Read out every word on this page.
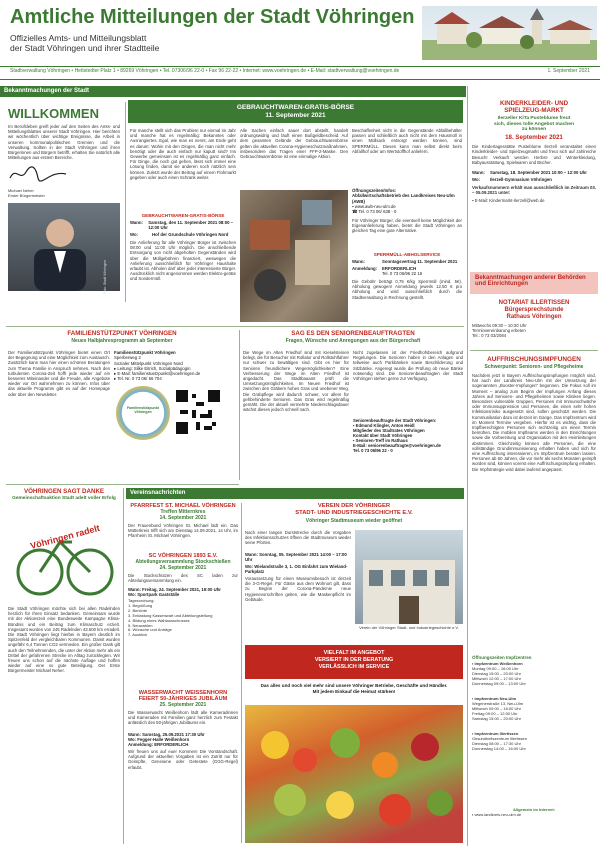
Amtliche Mitteilungen der Stadt Vöhringen
Offizielles Amts- und Mitteilungsblatt
der Stadt Vöhringen und ihrer Stadtteile
Stadtverwaltung Vöhringen • Hettstedter Platz 1 • 89269 Vöhringen • Tel. 07306/96 22-0 • Fax 96 22-22 • Internet: www.voehringen.de • E-Mail: stadtverwaltung@voehringen.de	1. September 2021
Bekanntmachungen der Stadt
WILLKOMMEN
Im Berufsleben greift jeder auf den Seiten des Amts- und Mitteilungsblattes unserer Stadt Vöhringen. Hier berichten wir wöchentlich über wichtige Ereignisse, die Arbeit in unseren kommunalpolitischen Gremien und die Verwaltung. Sollten in der Stadt Vöhringen und ihren Bürgerinnen und Bürgern betrifft, erhalten Sie natürlich alle Mitteilungen aus erstem Bereiche.
Michael Neher
Erster Bürgermeister
Foto: Stadt Vöhringen
GEBRAUCHTWAREN-GRATIS-BÖRSE
11. September 2021
Für manche stellt sich das Problem nur einmal im Jahr und manche hat es regelmäßig: Bekanntes oder Ausrangiertes. Egal, wie man es nennt, am Ende geht es darum: Wohin mit den Dingen, die man nicht mehr benötigt oder die auch einfach nur kaputt sind? Ins Gewerbe gemeinsam ist es regelmäßig ganz einfach. Für Dinge, die noch gut gehen, lässt sich immer eine Lösung finden, damit sie anderen noch nützlich sein können. Zuletzt wurde der Beitrag auf einem Flohmarkt gegeben oder auch einen Schrank weiter.
GEBRAUCHTWAREN-GRATIS-BÖRSE
Wann:	Samstag, den 11. September 2021 08:00 – 12:00 Uhr
Wo:	Hof der Grundschule Vöhringen Nord
Die Anlieferung für alle Vöhringer Bürger ist zwischen 08:00 und 11:00 Uhr möglich. Die anschließende Entsorgung von nicht abgeholten Gegenständen wird über die Müllgebühren finanziert, weswegen die Anlieferung ausschließlich für Vöhringer Haushalte erlaubt ist. Abholen darf aber jeder interessierte Bürger. Ausdrücklich nicht angenommen werden Elektro-geräte und Sondermüll.
Alle Sachen einfach sauer dort abstellt, handelt ordnungswidrig und läuft einen Bußgeldbescheid. Auf dem gesamten Gelände der Gebrauchtwarenbörse gelten die aktuellen Corona-Hygieneschutzmaßnahmen, insbesondere das Tragen einer FFP-2-Maske. Den Gebrauchtwarenbörse ist eine einmalige Aktion.
Beschaffenheit nicht in die Gegenstände Abfallbehälter passen und schließlich auch nicht mit dem Hausmüll in einen Müllsack entsorgt werden können, sind SPERRMÜLL. Diesen kann man selbst direkt beim Abfallhof oder am Wertstoffhof anliefern.
Öffnungszeiten/Infos:
Abfallwirtschaftsbetrieb des Landkreises Neu-Ulm (AWB)
▪ www.awb-neu-ulm.de
☎ Tel. 0 73 06/ 638 - 0
Für Vöhringer Bürger, die eventuell keine Möglichkeit der Eigenanlieferung haben, bietet die Stadt Vöhringen an gleichen Tag eine gute Alternative.
SPERRMÜLL-ABHOLSERVICE
Wann:	Sonntagsvertrag 11. September 2021
Anmeldung:	ERFORDERLICH
Tel. 0 73 06/96 22 16
Die Gebühr beträgt 0,75 €/kg Sperrmüll (mind. 5€). Abholung gewogen! Anmeldung jeweils 12,50 € pro Abholung und wird ausschließlich durch die Stadtverwaltung in Rechnung gestellt.
KINDERKLEIDER- UND
SPIELZEUG-MARKT
Ilerzeller KiTa Pusteblume freut
sich, dieses tolle Angebot machen
zu können
18. September 2021
Die Kindertagesstätte Pusteblume Ilerzell veranstaltet einen Kinderkleider- und Spielzeugmarkt und freut sich auf zahlreiche Besuch! Verkauft werden Herbst- und Winterkleidung, Babyausstattung, Spielwaren und Bücher.
Wann:	Samstag, 18. September 2021 10:00 – 12:00 Uhr
Wo:	Ilerzell-Gymnasium Vöhringen
Verkaufsnummern erhält man ausschließlich im Zeitraum 03. – 05.09.2021 unter:
▪ E-Mail: Kindermarkt-Ilerzell@web.de
Bekanntmachungen anderer Behörden und Einrichtungen
NOTARIAT ILLERTISSEN
Bürgersprechstunde
Rathaus Vöhringen
Mittwochs 09:30 – 10:30 Uhr
Terminvereinbarung erbeten
Tel.: 0 73 03/2084
AUFFRISCHUNGSIMPFUNGEN
Schwerpunkt: Senioren- und Pflegeheime
Nachdem jetzt in Bayern Auffrischungsimpfungen möglich sind, hat auch der Landkreis Neu-Ulm mit der Umsetzung der sogenannten „Booster-Impfungen“ begonnen. Die Fokus soll im Moment – analog zum Beginn der Impfungen Anfang dieses Jahres auf Senioren- und Pflegeheimen sowie Kliniken liegen. Besonders vulnerable Gruppen, Personen mit Immunschwäche oder Immunsuppression und Personen, die einen sehr hohen Infektionsrisiko ausgesetzt sind, sollen geschützt werden. Die Kommunikation dazu ist derzeit im Gange. Das Impfzentrum wird im Moment Termine vergeben. Hierfür ist es wichtig, dass die Impfberechtigten Personen sich rechtzeitig um einen Termin bemühen. Die mobilen Impfteams werden in den Einrichtungen sowie die Vorbereitung und Organisation mit den Heimleitungen abstimmen. Gleichzeitig können alle Personen, die eine vollständige Grundimmunisierung erhalten haben und sich für eine Auffrischung interessieren, im Impfzentrum beraten lassen. Personen ab 60 Jahren, die vor mehr als sechs Monaten geimpft worden sind, können vorerst eine Auffrischungsimpfung erhalten. Die Impfstrategie wird dabei laufend angepasst.
Öffnungszeiten Impfzentren
▪ Impfzentrum Weißenhorn
Montag 09:00 – 16:00 Uhr
Dienstag 15:00 – 20:00 Uhr
Mittwoch 12:00 – 17:00 Uhr
Donnerstag 09:00 – 13:00 Uhr
▪ Impfzentrum Neu-Ulm
Wegenerstraße 13, Neu-Ulm
Mittwoch 09:00 – 16:00 Uhr
Freitag 09:00 – 12:00 Uhr
Samstag 15:00 – 20:00 Uhr
▪ Impfzentrum Illertissen
Gesundheitszentrum Illertissen
Dienstag 08:00 – 17:30 Uhr
Donnerstag 14:00 – 16:00 Uhr
FAMILIENSTÜTZPUNKT VÖHRINGEN
Neues Halbjahresprogramm ab September
Der Familienstützpunkt Vöhringen bietet einen Ort der Begegnung und eine Möglichkeit zum Austausch. Zusätzlich kann man hier einen schönen Beratungen zum Thema Familie in Anspruch nehmen. Nach den turbulenten Corona-Zeit hofft jede wieder auf ein besseres Miteinander und die Freude, alle Angebote wieder vor Ort wahrnehmen zu können. Infos über das aktuelle Programm gibt es auf der Homepage oder über den Newsletter.
Familienstützpunkt Vöhringen
Sperberweg 2
Sozialer Mittelpunkt Vöhringen Nord
▸ Leitung: Silke Eitrich, Sozialpädagogin
▸ E-Mail: familienstuetzpunkt@voehringen.de
▸ Tel. Nr. 0 73 06/ 56 704
Familienstützpunkt Vöhringen
SAG ES DEN SENIORENBEAUFTRAGTEN
Fragen, Wünsche und Anregungen aus der Bürgerschaft
Die Wege im Alten Friedhof sind mit Kieselsteinen belegt, die für Besucher mit Rollator und Rollstuhlfahrer nur schwer zu bewältigen sind. Gibt es hier für Senioren freundlichere Wegemöglichkeiten? Eine Verbesserung der Wege im Alten Friedhof ist angedacht. Das Stadtbauamt prüft die Umsetzungsmöglichkeiten. Im Neuen Friedhof ist zwischen den Gräbern hohes Gras und unebener Weg. Die Grabpflege wird dadurch schwer, vor allem für gehbehinderte Senioren. Das Gras wird regelmäßig gemäht. Die der aktuell vermehrte Niederschlagsdauer wächst dieses jedoch schnell nach.
Nicht zugelassen ist der Friedhofsbereich aufgrund Regelungen. Die Senioren haben in den Anlagen und teilweise auch Parkbänken sowie Beschilderung und Sitzbänke. Angeregt wurde die Prüfung ob neue Bänke notwendig sind. Die Seniorenbeauftragten der Stadt Vöhringen stehen gerne zur Verfügung.
Seniorenbeauftragte der Stadt Vöhringen:
▪ Edmund Klingler, Anton Heidl
Mitglieder des Stadtrates Vöhringen
Kontakt über Stadt Vöhringen
▪ Senioren-Treff im Rathaus
E-Mail: seniorenbeauftragte@voehringen.de
Tel. 0 73 06/96 22 - 0
VÖHRINGEN SAGT DANKE
Gemeinschaftsaktion Stadt adelt voller Erfolg
Vöhringen radelt
Die Stadt Vöhringen möchte sich bei allen Radelnden herzlich für Ihren Einsatz bedanken. Gemeinsam wurde mit der Aktionszeit eine Bundesweite Kampagne Klima-Bündnis und ein Beitrag zum Klimaschutz erzielt. Insgesamt wurden von 245 Radelnden 43.500 km erradelt. Die Stadt Vöhringen liegt hierbei in Bayern deutlich im Spitzenfeld der vergleichbaren Kommunen. Damit wurden ungefähr 6,4 Tonnen CO2 vermieden. Ein großer Dank gilt auch den Teilnehmenden, die unter der Aktion mehr als ein Drittel der gefahrenen Strecke im Alltag zurücklegten. Wir freuen uns schon auf die nächste Auflage und hoffen wieder auf eine so gute Beteiligung. Der Erste Bürgermeister Michael Neher.
Vereinsnachrichten
PFARRFEST ST. MICHAEL VÖHRINGEN
Treffen Mitternkres
14. September 2021
Der Frauenbund Vöhringen St. Michael lädt ein. Das Mütterkreis trifft sich am Dienstag 14.09.2021, 14 Uhr, im Pfarrheim St. Michael Vöhringen.
SC VÖHRINGEN 1893 E.V.
Abteilungsversammlung Stockschießen
24. September 2021
Die Stockschützen des SC laden zur Abteilungsversammlung ein.
Wann: Freitag, 24. September 2021, 19:00 Uhr
Wo: Sportpark Gastställe
Tagesordnung:
1. Begrüßung
2. Berichte
3. Entlastung Kassenwart und Abteilungsleitung
4. Bildung eines Wahlausschusses
5. Neuwahlen
6. Wünsche und Anträge
7. Ausblick
WASSERWACHT WEISSENHORN
FEIERT 50-JÄHRIGES JUBILÄUM
25. September 2021
Die Wasserwacht Weißenhorn lädt alle Kameradinnen und Kameraden mit Familien ganz herzlich zum Festakt anlässlich des 50-jährigen Jubiläums ein.
Wann: Samstag, 25.09.2021 17:30 Uhr
Wo: Fegger-Halle Weißenhorn
Anmeldung: ERFORDERLICH
Wir freuen uns auf euer Kommen! Die Vorstandschaft. Aufgrund der aktuellen Vorgaben ist ein Zutritt nur für Geimpfte, Genesene oder Getestete (GGG-Regel) erlaubt.
VEREIN DER VÖHRINGER
STADT- UND INDUSTRIEGESCHICHTE E.V.
Vöhringer Stadtmuseum wieder geöffnet
Nach einer langen Durststrecke durch die Vorgaben des Infektionsschutzes öffnen die Stadtmuseum wieder seine Pforten.
Wann: Sonntag, 05. September 2021 14:00 – 17:00 Uhr
Wo: Wielandstraße 3, 1. OG Einfahrt zum Wieland-Parkplatz
Voraussetzung für einen Museumsbesuch ist derzeit die 3-G-Regel. Für Gäste aus dem Wohnort gilt, dass zu Beginn der Corona-Pandemie neue Hygienevorschriften gelten, wie die Maskenpflicht im Gebäude.
Verein der Vöhringer Stadt- und Industriegeschichte e.V.
VIELFALT IM ANGEBOT
VERSIERT IN DER BERATUNG
VERLÄSSLICH IM SERVICE
Das alles und noch viel mehr sind unsere Vöhringer Betriebe, Geschäfte und Händler. Mit jedem Einkauf die Heimat stärken!
Allgemein im Internet:
▪ www.landkreis.neu-ulm.de
